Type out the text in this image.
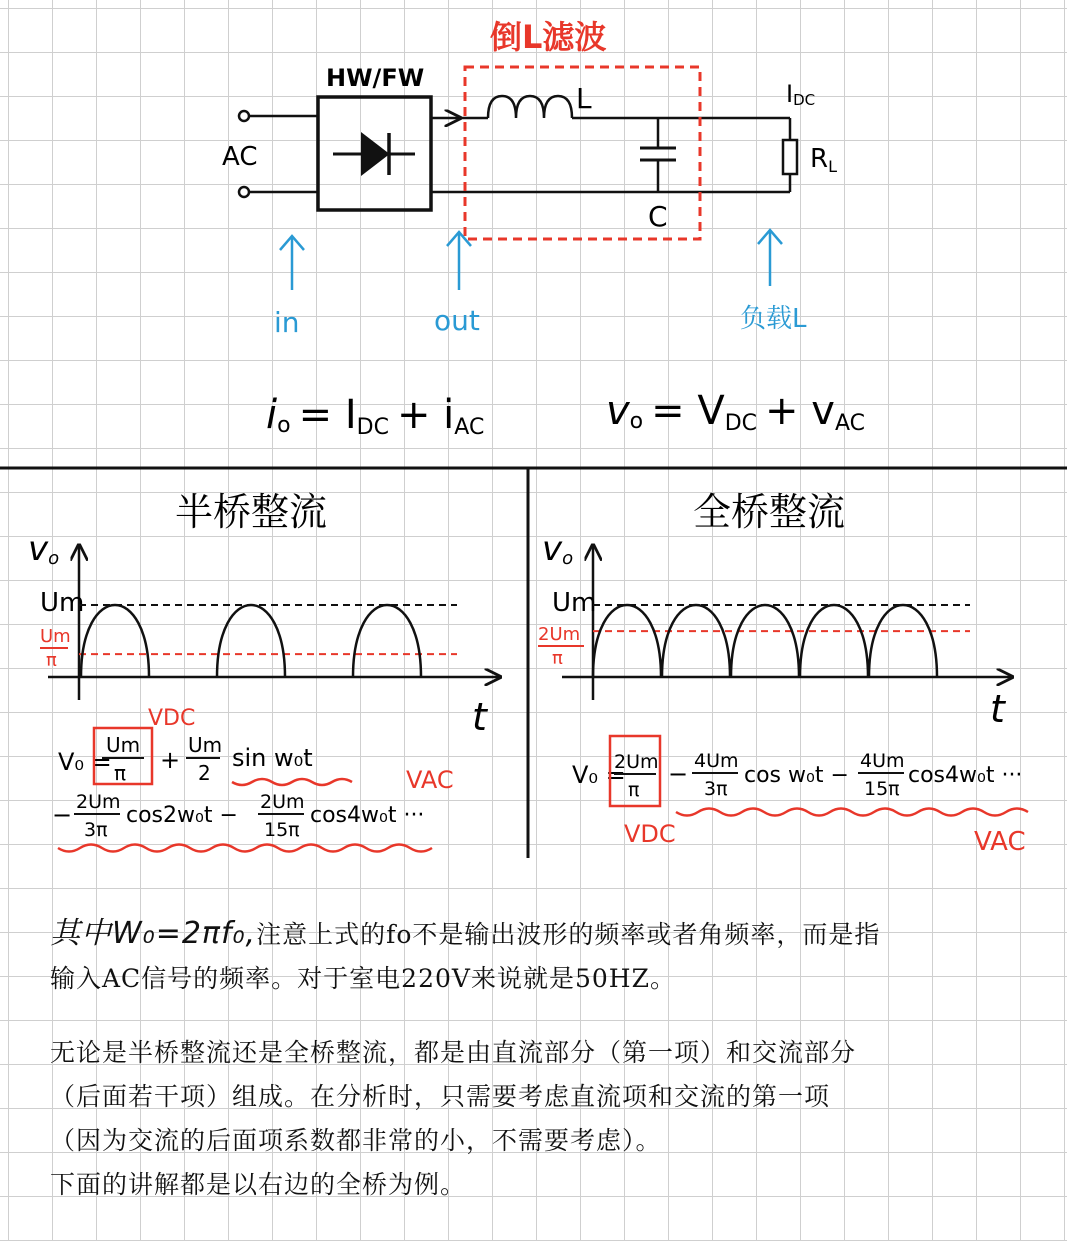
AC
HW/FW
L
C
RL
IDC
倒L滤波
in	out	负载L
io = IDC + iAC	vo = VDC + vAC
半桥整流
vo
t
Um
Um
π
VDC
VAC
V₀ =
Um
π +
Um
2
sin w₀t
− 2Um
3π
cos2w₀t −
2Um
15π
cos4w₀t ···
全桥整流
vo
t
Um
2Um
π
V₀ =
2Um
π
− 4Um
3π
cos w₀t −
4Um
15π
cos4w₀t ···
VDC	VAC

其中W₀=2πf₀,注意上式的fo不是输出波形的频率或者角频率，而是指

输入AC信号的频率。对于室电220V来说就是50HZ。

无论是半桥整流还是全桥整流，都是由直流部分（第一项）和交流部分

（后面若干项）组成。在分析时，只需要考虑直流项和交流的第一项

（因为交流的后面项系数都非常的小，不需要考虑）。

下面的讲解都是以右边的全桥为例。
